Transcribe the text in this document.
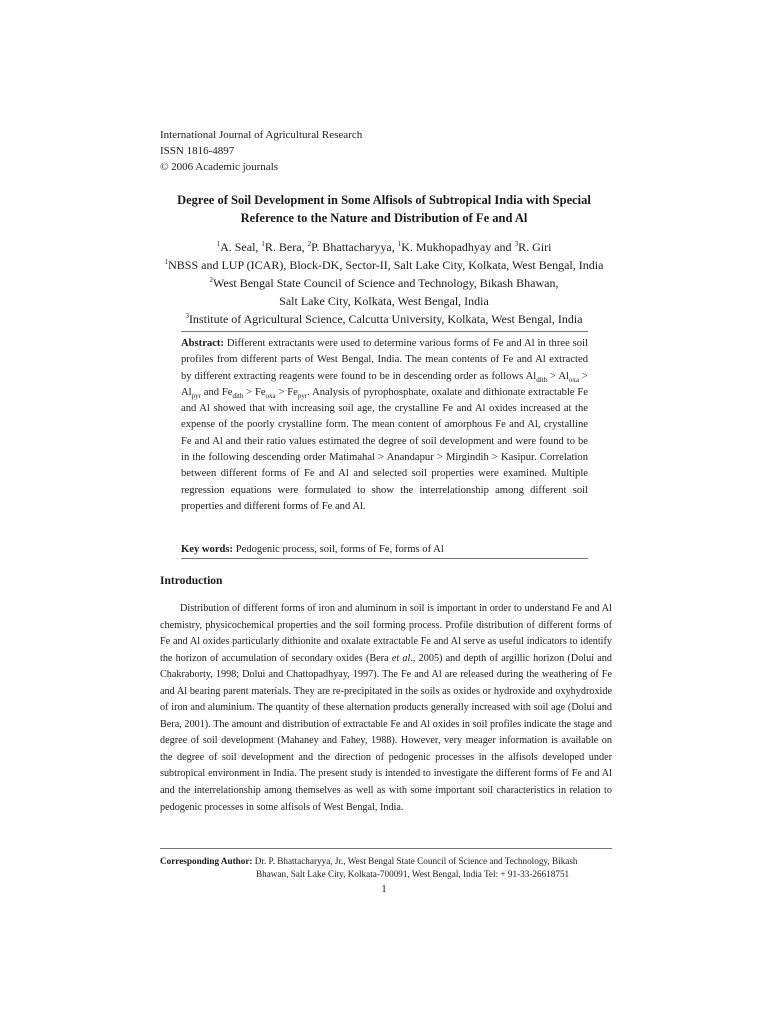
International Journal of Agricultural Research
ISSN 1816-4897
© 2006 Academic journals
Degree of Soil Development in Some Alfisols of Subtropical India with Special
Reference to the Nature and Distribution of Fe and Al
$^1$A. Seal, $^1$R. Bera, $^2$P. Bhattacharyya, $^1$K. Mukhopadhyay and $^3$R. Giri
$^1$NBSS and LUP (ICAR), Block-DK, Sector-II, Salt Lake City, Kolkata, West Bengal, India
$^2$West Bengal State Council of Science and Technology, Bikash Bhawan,
Salt Lake City, Kolkata, West Bengal, India
$^3$Institute of Agricultural Science, Calcutta University, Kolkata, West Bengal, India
Abstract: Different extractants were used to determine various forms of Fe and Al in three soil profiles from different parts of West Bengal, India. The mean contents of Fe and Al extracted by different extracting reagents were found to be in descending order as follows $Al_{dith} > Al_{oxa} > Al_{pyr}$ and $Fe_{dith} > Fe_{oxa} > Fe_{pyr}$. Analysis of pyrophosphate, oxalate and dithionate extractable Fe and Al showed that with increasing soil age, the crystalline Fe and Al oxides increased at the expense of the poorly crystalline form. The mean content of amorphous Fe and Al, crystalline Fe and Al and their ratio values estimated the degree of soil development and were found to be in the following descending order Matimahal > Anandapur > Mirgindih > Kasipur. Correlation between different forms of Fe and Al and selected soil properties were examined. Multiple regression equations were formulated to show the interrelationship among different soil properties and different forms of Fe and Al.
Key words: Pedogenic process, soil, forms of Fe, forms of Al
Introduction

Distribution of different forms of iron and aluminum in soil is important in order to understand Fe and Al chemistry, physicochemical properties and the soil forming process. Profile distribution of different forms of Fe and Al oxides particularly dithionite and oxalate extractable Fe and Al serve as useful indicators to identify the horizon of accumulation of secondary oxides (Bera et al., 2005) and depth of argillic horizon (Dolui and Chakraborty, 1998; Dolui and Chattopadhyay, 1997). The Fe and Al are released during the weathering of Fe and Al bearing parent materials. They are re-precipitated in the soils as oxides or hydroxide and oxyhydroxide of iron and aluminium. The quantity of these alternation products generally increased with soil age (Dolui and Bera, 2001). The amount and distribution of extractable Fe and Al oxides in soil profiles indicate the stage and degree of soil development (Mahaney and Fahey, 1988). However, very meager information is available on the degree of soil development and the direction of pedogenic processes in the alfisols developed under subtropical environment in India. The present study is intended to investigate the different forms of Fe and Al and the interrelationship among themselves as well as with some important soil characteristics in relation to pedogenic processes in some alfisols of West Bengal, India.

Corresponding Author: Dr. P. Bhattacharyya, Jr., West Bengal State Council of Science and Technology, Bikash
Bhawan, Salt Lake City, Kolkata-700091, West Bengal, India Tel: + 91-33-26618751
1
